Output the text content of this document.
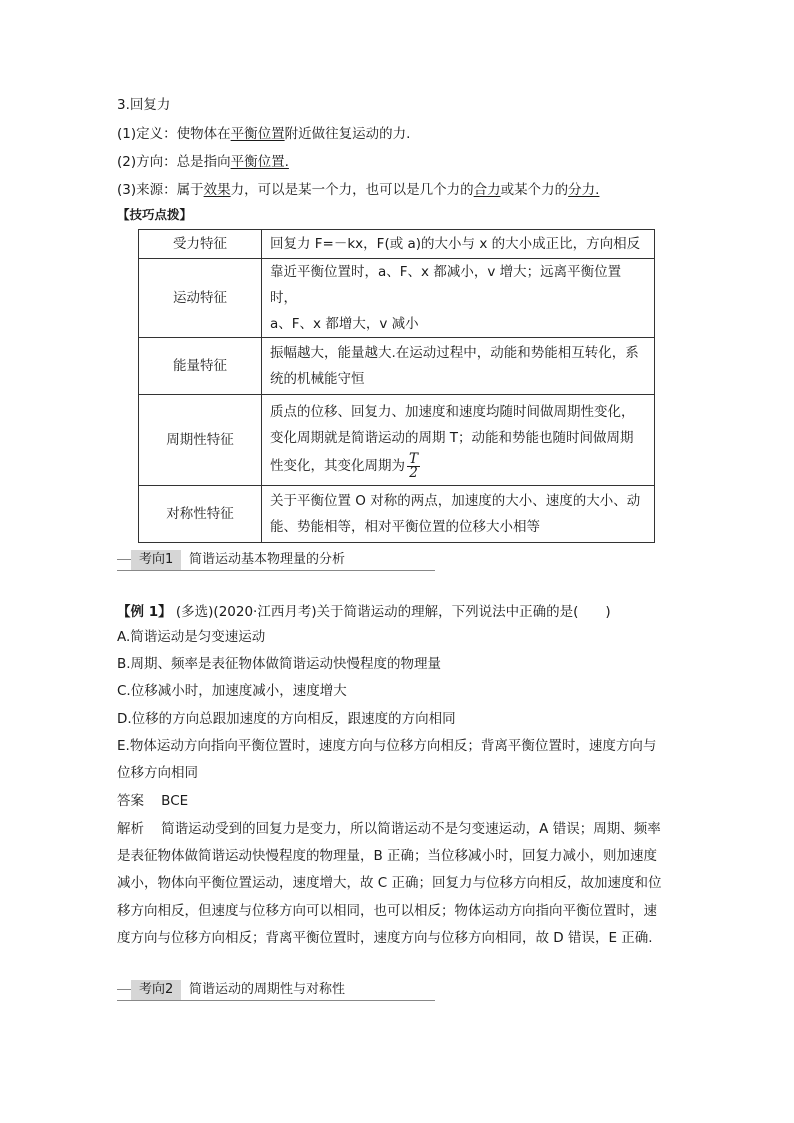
3.回复力
(1)定义：使物体在平衡位置附近做往复运动的力.
(2)方向：总是指向平衡位置.
(3)来源：属于效果力，可以是某一个力，也可以是几个力的合力或某个力的分力.
【技巧点拨】
受力特征	回复力 F=－kx，F(或 a)的大小与 x 的大小成正比，方向相反

运动特征	靠近平衡位置时，a、F、x 都减小，v 增大；远离平衡位置时，
a、F、x 都增大，v 减小

能量特征	振幅越大，能量越大.在运动过程中，动能和势能相互转化，系
统的机械能守恒

周期性特征	质点的位移、回复力、加速度和速度均随时间做周期性变化，
变化周期就是简谐运动的周期 T；动能和势能也随时间做周期
性变化，其变化周期为 $\frac{T}{2}$

对称性特征	关于平衡位置 O 对称的两点，加速度的大小、速度的大小、动
能、势能相等，相对平衡位置的位移大小相等
考向1	简谐运动基本物理量的分析
【例 1】 (多选)(2020·江西月考)关于简谐运动的理解，下列说法中正确的是(　　)
A.简谐运动是匀变速运动
B.周期、频率是表征物体做简谐运动快慢程度的物理量
C.位移减小时，加速度减小，速度增大
D.位移的方向总跟加速度的方向相反，跟速度的方向相同
E.物体运动方向指向平衡位置时，速度方向与位移方向相反；背离平衡位置时，速度方向与
位移方向相同
答案 BCE
解析 简谐运动受到的回复力是变力，所以简谐运动不是匀变速运动，A 错误；周期、频率
是表征物体做简谐运动快慢程度的物理量，B 正确；当位移减小时，回复力减小，则加速度
减小，物体向平衡位置运动，速度增大，故 C 正确；回复力与位移方向相反，故加速度和位
移方向相反，但速度与位移方向可以相同，也可以相反；物体运动方向指向平衡位置时，速
度方向与位移方向相反；背离平衡位置时，速度方向与位移方向相同，故 D 错误，E 正确.
考向2	简谐运动的周期性与对称性
